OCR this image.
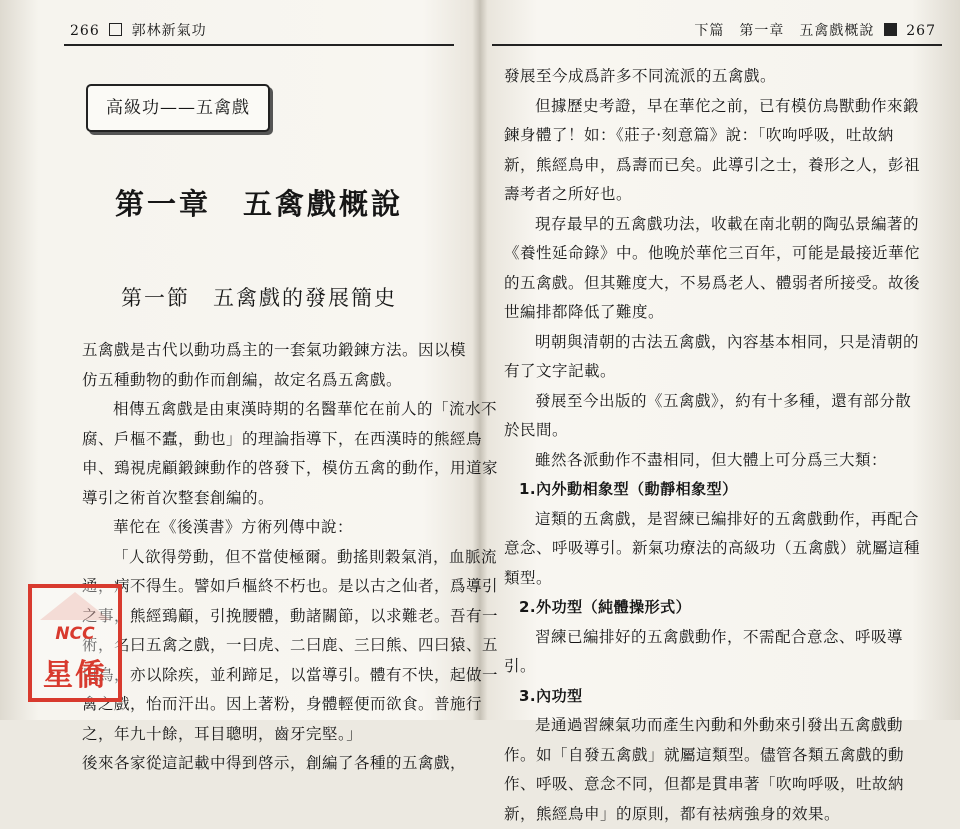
266 郭林新氣功
高級功——五禽戲
第一章　五禽戲概說
第一節　五禽戲的發展簡史
五禽戲是古代以動功爲主的一套氣功鍛鍊方法。因以模
仿五種動物的動作而創編，故定名爲五禽戲。
相傳五禽戲是由東漢時期的名醫華佗在前人的「流水不
腐、戶樞不蠹，動也」的理論指導下，在西漢時的熊經鳥
申、鵄視虎顧鍛鍊動作的啓發下，模仿五禽的動作，用道家
導引之術首次整套創編的。
華佗在《後漢書》方術列傳中說：
「人欲得勞動，但不當使極爾。動搖則穀氣消，血脈流
通，病不得生。譬如戶樞終不朽也。是以古之仙者，爲導引
之事，熊經鵄顧，引挽腰體，動諸關節，以求難老。吾有一
術，名曰五禽之戲，一曰虎、二曰鹿、三曰熊、四曰猿、五
曰鳥，亦以除疾，並利蹄足，以當導引。體有不快，起做一
禽之戲，怡而汗出。因上著粉，身體輕便而欲食。普施行
之，年九十餘，耳目聰明，齒牙完堅。」
後來各家從這記載中得到啓示，創編了各種的五禽戲，
NCC
星僑
下篇　第一章　五禽戲概說 267
發展至今成爲許多不同流派的五禽戲。
但據歷史考證，早在華佗之前，已有模仿鳥獸動作來鍛
鍊身體了！如：《莊子·刻意篇》說：「吹呴呼吸，吐故納
新，熊經鳥申，爲壽而已矣。此導引之士，養形之人，彭祖
壽考者之所好也。
現存最早的五禽戲功法，收載在南北朝的陶弘景編著的
《養性延命錄》中。他晚於華佗三百年，可能是最接近華佗
的五禽戲。但其難度大，不易爲老人、體弱者所接受。故後
世編排都降低了難度。
明朝與清朝的古法五禽戲，內容基本相同，只是清朝的
有了文字記載。
發展至今出版的《五禽戲》，約有十多種，還有部分散
於民間。
雖然各派動作不盡相同，但大體上可分爲三大類：
1.內外動相象型（動靜相象型）
這類的五禽戲，是習練已編排好的五禽戲動作，再配合
意念、呼吸導引。新氣功療法的高級功（五禽戲）就屬這種
類型。
2.外功型（純體操形式）
習練已編排好的五禽戲動作，不需配合意念、呼吸導
引。
3.內功型
是通過習練氣功而產生內動和外動來引發出五禽戲動
作。如「自發五禽戲」就屬這類型。儘管各類五禽戲的動
作、呼吸、意念不同，但都是貫串著「吹呴呼吸，吐故納
新，熊經鳥申」的原則，都有袪病強身的效果。
